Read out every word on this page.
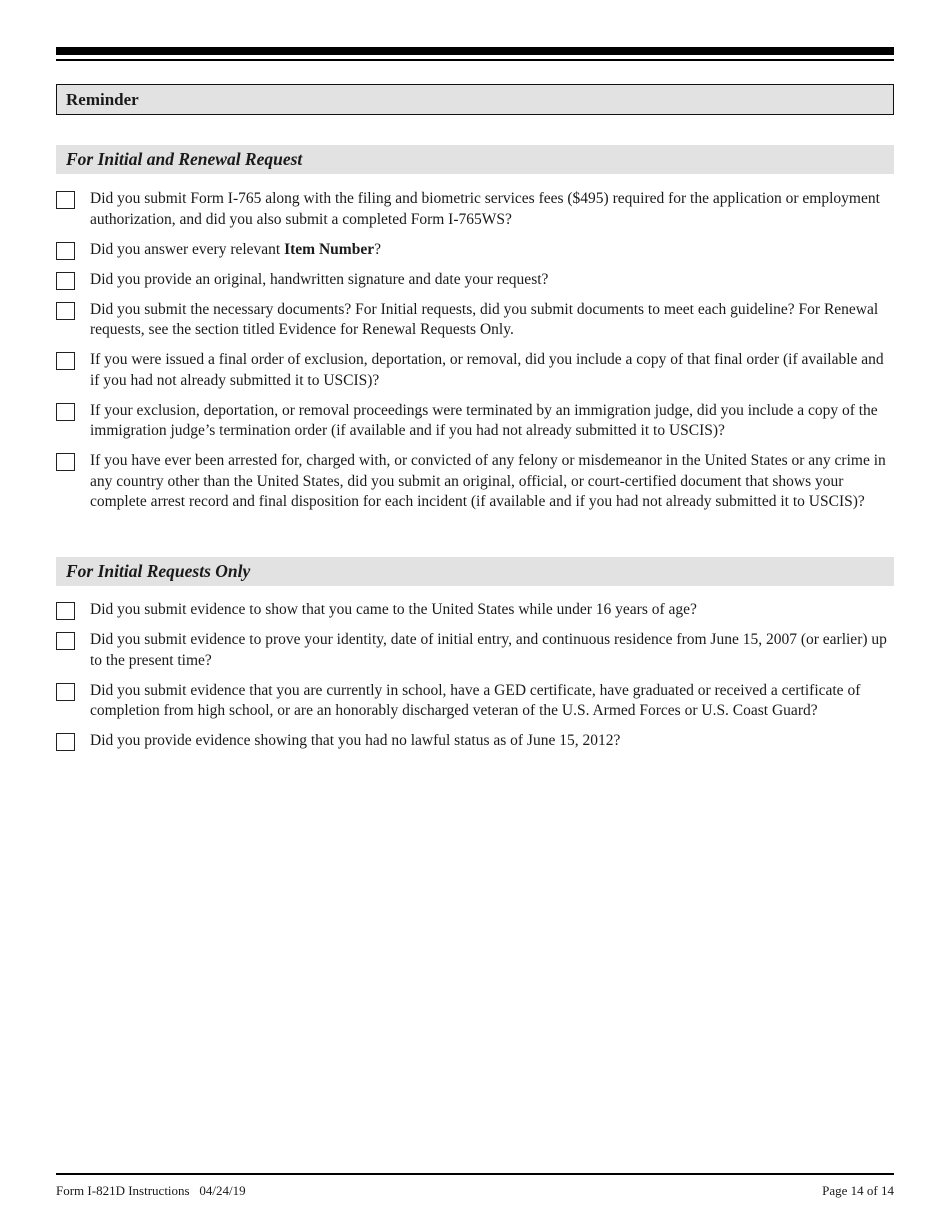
Reminder
For Initial and Renewal Request
Did you submit Form I-765 along with the filing and biometric services fees ($495) required for the application or employment authorization, and did you also submit a completed Form I-765WS?
Did you answer every relevant Item Number?
Did you provide an original, handwritten signature and date your request?
Did you submit the necessary documents? For Initial requests, did you submit documents to meet each guideline? For Renewal requests, see the section titled Evidence for Renewal Requests Only.
If you were issued a final order of exclusion, deportation, or removal, did you include a copy of that final order (if available and if you had not already submitted it to USCIS)?
If your exclusion, deportation, or removal proceedings were terminated by an immigration judge, did you include a copy of the immigration judge’s termination order (if available and if you had not already submitted it to USCIS)?
If you have ever been arrested for, charged with, or convicted of any felony or misdemeanor in the United States or any crime in any country other than the United States, did you submit an original, official, or court-certified document that shows your complete arrest record and final disposition for each incident (if available and if you had not already submitted it to USCIS)?
For Initial Requests Only
Did you submit evidence to show that you came to the United States while under 16 years of age?
Did you submit evidence to prove your identity, date of initial entry, and continuous residence from June 15, 2007 (or earlier) up to the present time?
Did you submit evidence that you are currently in school, have a GED certificate, have graduated or received a certificate of completion from high school, or are an honorably discharged veteran of the U.S. Armed Forces or U.S. Coast Guard?
Did you provide evidence showing that you had no lawful status as of June 15, 2012?
Form I-821D Instructions   04/24/19	Page 14 of 14
